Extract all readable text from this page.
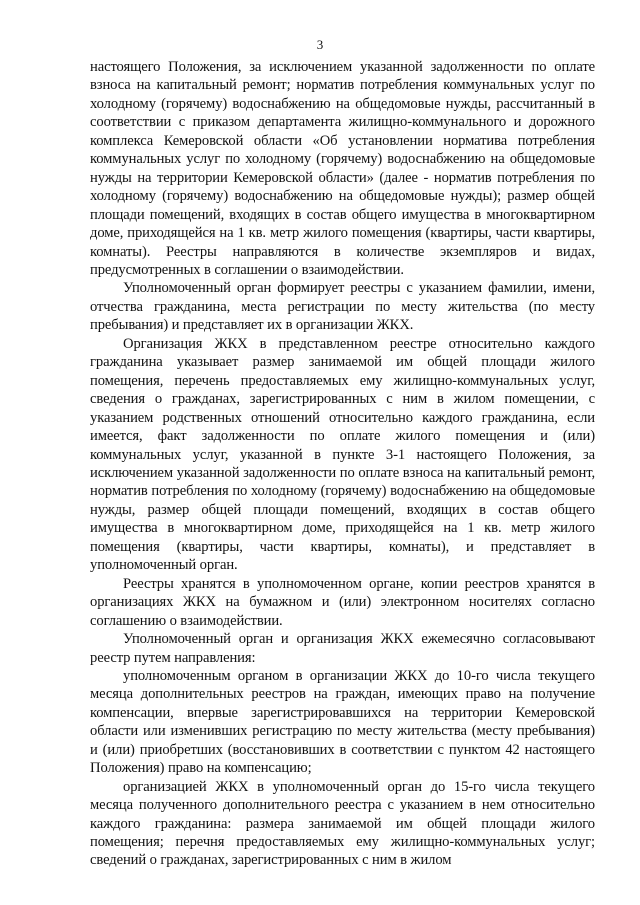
3

настоящего Положения, за исключением указанной задолженности по оплате взноса на капитальный ремонт; норматив потребления коммунальных услуг по холодному (горячему) водоснабжению на общедомовые нужды, рассчитанный в соответствии с приказом департамента жилищно-коммунального и дорожного комплекса Кемеровской области «Об установлении норматива потребления коммунальных услуг по холодному (горячему) водоснабжению на общедомовые нужды на территории Кемеровской области» (далее - норматив потребления по холодному (горячему) водоснабжению на общедомовые нужды); размер общей площади помещений, входящих в состав общего имущества в многоквартирном доме, приходящейся на 1 кв. метр жилого помещения (квартиры, части квартиры, комнаты). Реестры направляются в количестве экземпляров и видах, предусмотренных в соглашении о взаимодействии.

Уполномоченный орган формирует реестры с указанием фамилии, имени, отчества гражданина, места регистрации по месту жительства (по месту пребывания) и представляет их в организации ЖКХ.

Организация ЖКХ в представленном реестре относительно каждого гражданина указывает размер занимаемой им общей площади жилого помещения, перечень предоставляемых ему жилищно-коммунальных услуг, сведения о гражданах, зарегистрированных с ним в жилом помещении, с указанием родственных отношений относительно каждого гражданина, если имеется, факт задолженности по оплате жилого помещения и (или) коммунальных услуг, указанной в пункте 3-1 настоящего Положения, за исключением указанной задолженности по оплате взноса на капитальный ремонт, норматив потребления по холодному (горячему) водоснабжению на общедомовые нужды, размер общей площади помещений, входящих в состав общего имущества в многоквартирном доме, приходящейся на 1 кв. метр жилого помещения (квартиры, части квартиры, комнаты), и представляет в уполномоченный орган.

Реестры хранятся в уполномоченном органе, копии реестров хранятся в организациях ЖКХ на бумажном и (или) электронном носителях согласно соглашению о взаимодействии.

Уполномоченный орган и организация ЖКХ ежемесячно согласовывают реестр путем направления:

уполномоченным органом в организации ЖКХ до 10-го числа текущего месяца дополнительных реестров на граждан, имеющих право на получение компенсации, впервые зарегистрировавшихся на территории Кемеровской области или изменивших регистрацию по месту жительства (месту пребывания) и (или) приобретших (восстановивших в соответствии с пунктом 42 настоящего Положения) право на компенсацию;

организацией ЖКХ в уполномоченный орган до 15-го числа текущего месяца полученного дополнительного реестра с указанием в нем относительно каждого гражданина: размера занимаемой им общей площади жилого помещения; перечня предоставляемых ему жилищно-коммунальных услуг; сведений о гражданах, зарегистрированных с ним в жилом
